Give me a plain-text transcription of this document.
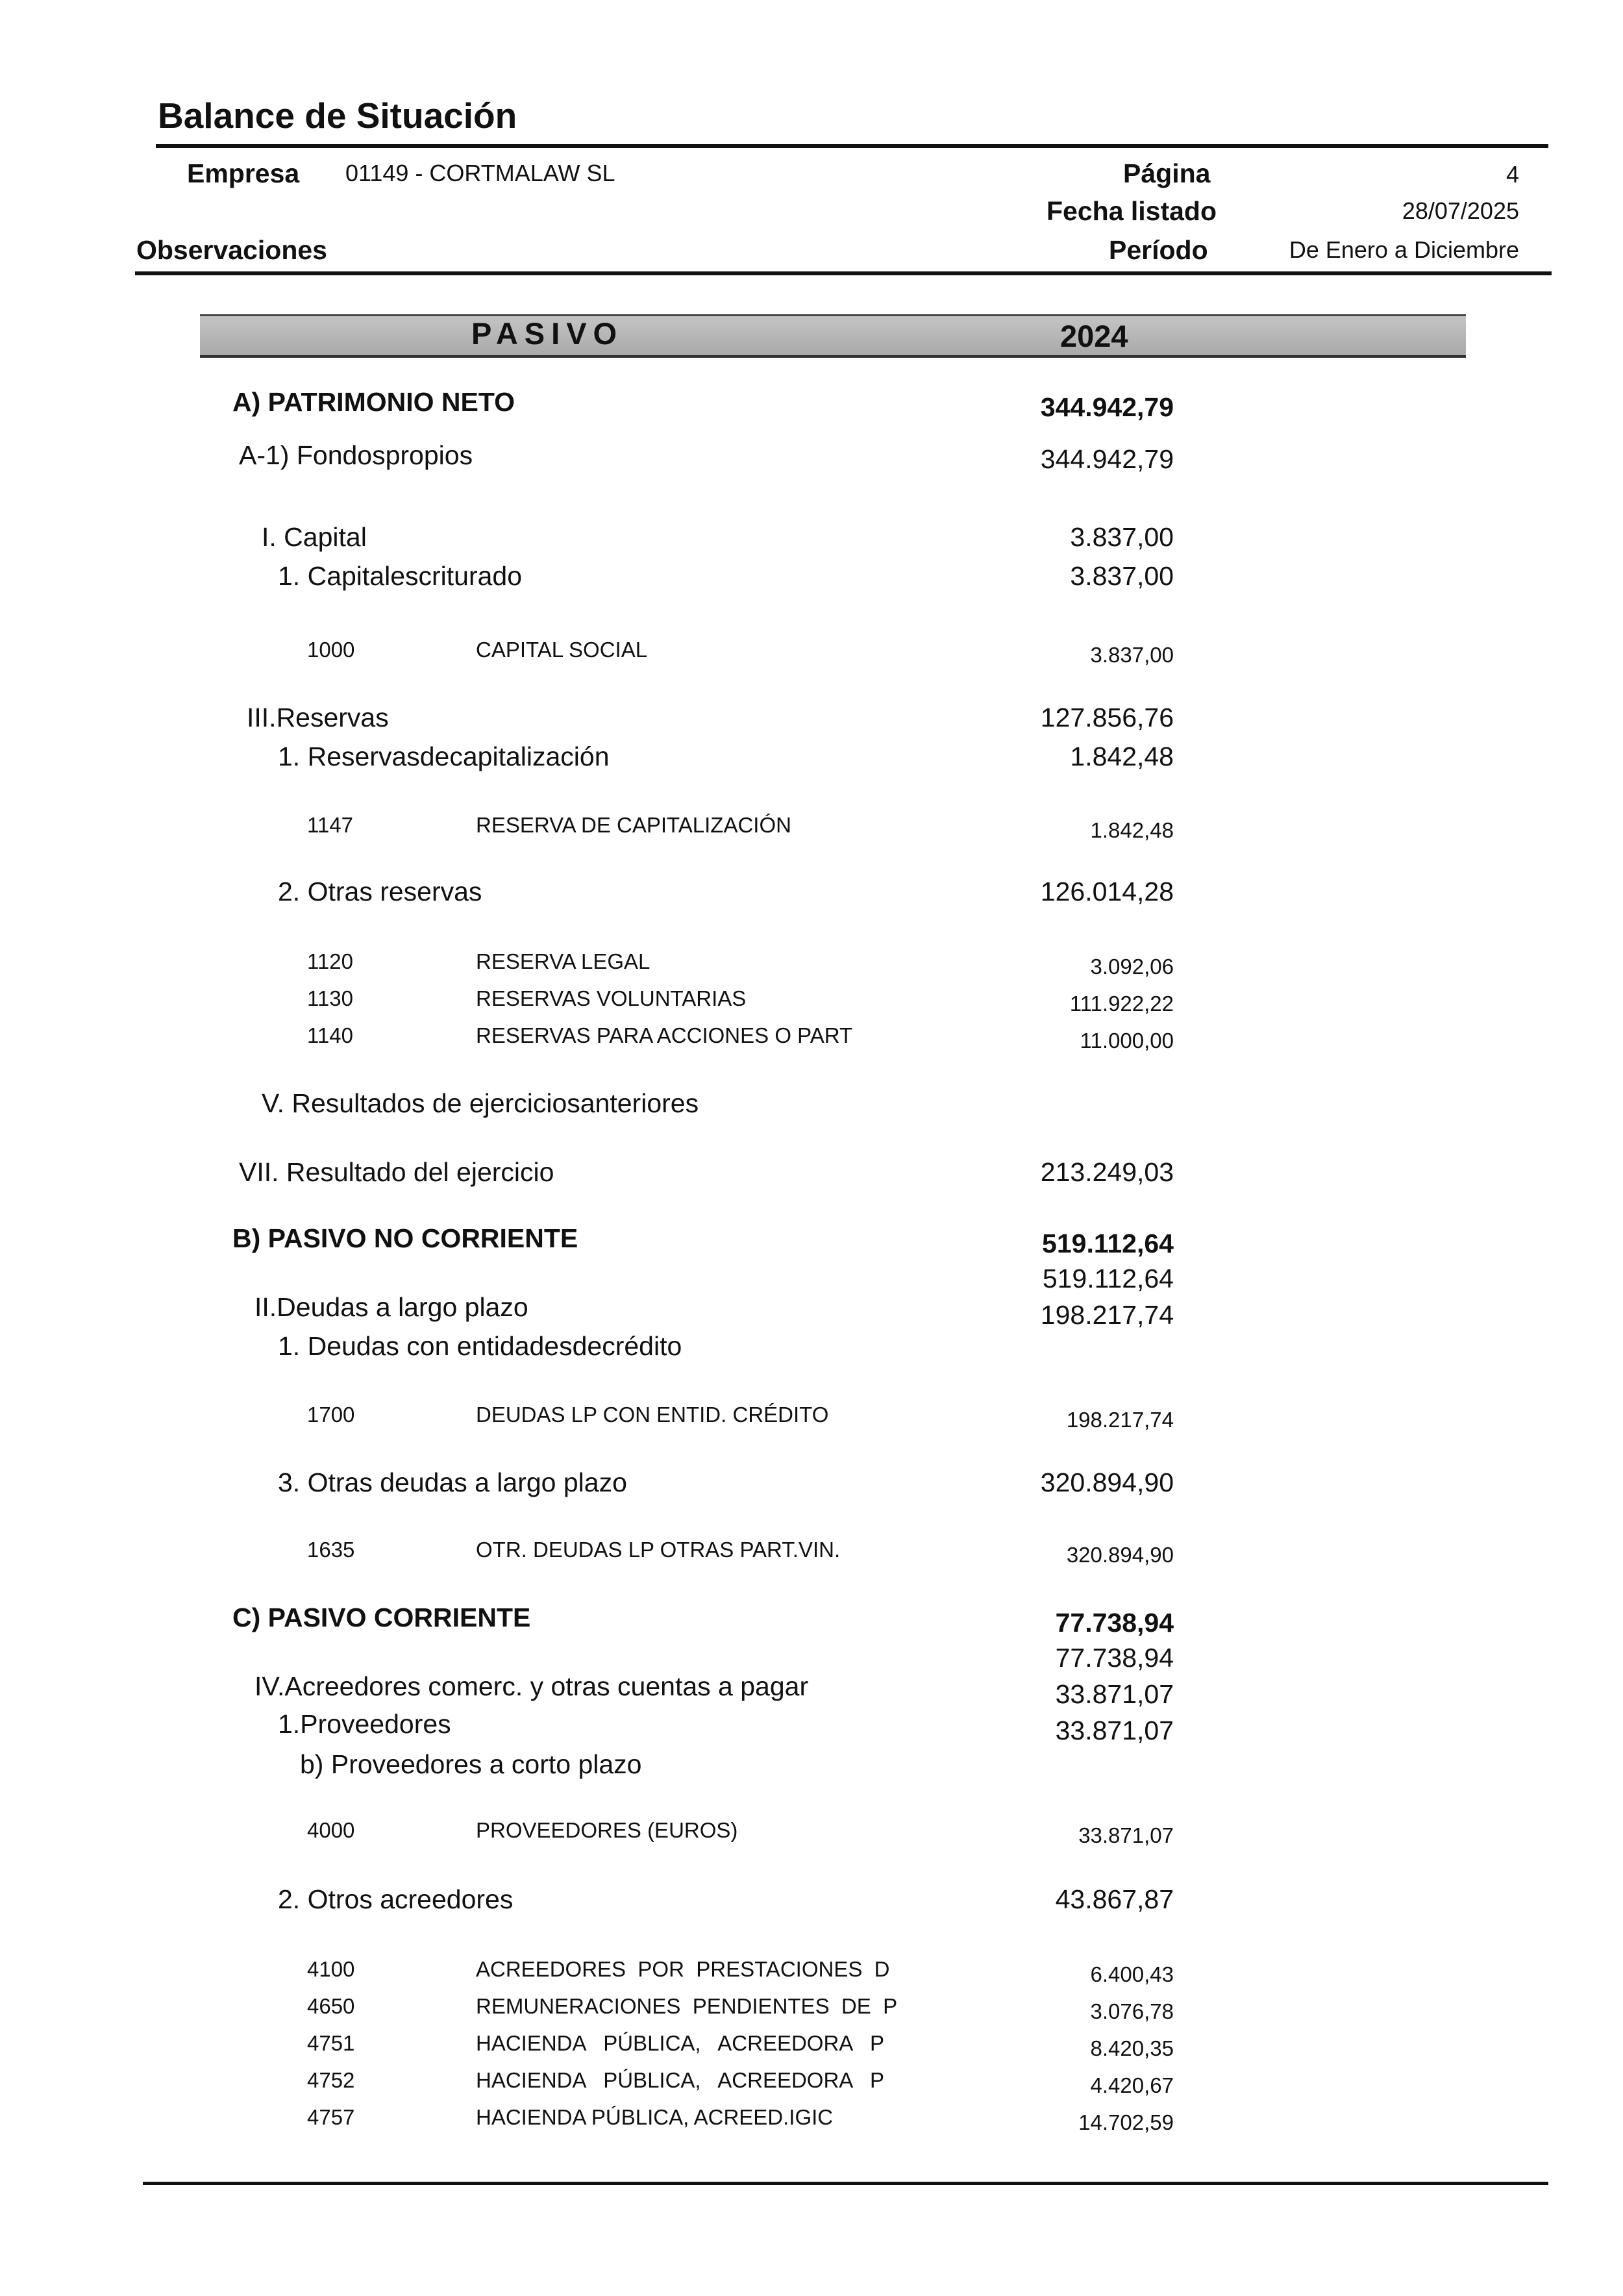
Balance de Situación
Empresa 01149 - CORTMALAW SL	Página	4
Fecha listado	28/07/2025
Observaciones	Período	De Enero a Diciembre
PASIVO	2024
A) PATRIMONIO NETO	344.942,79
A-1) Fondospropios	344.942,79
I. Capital	3.837,00
1. Capitalescriturado	3.837,00
1000	CAPITAL SOCIAL	3.837,00
III.Reservas	127.856,76
1. Reservasdecapitalización	1.842,48
1147	RESERVA DE CAPITALIZACIÓN	1.842,48
2. Otras reservas	126.014,28
1120	RESERVA LEGAL	3.092,06
1130	RESERVAS VOLUNTARIAS	111.922,22
1140	RESERVAS PARA ACCIONES O PART	11.000,00
V. Resultados de ejerciciosanteriores
VII. Resultado del ejercicio	213.249,03
B) PASIVO NO CORRIENTE	519.112,64
519.112,64
II.Deudas a largo plazo	198.217,74
1. Deudas con entidadesdecrédito
1700	DEUDAS LP CON ENTID. CRÉDITO	198.217,74
3. Otras deudas a largo plazo	320.894,90
1635	OTR. DEUDAS LP OTRAS PART.VIN.	320.894,90
C) PASIVO CORRIENTE	77.738,94
77.738,94
IV.Acreedores comerc. y otras cuentas a pagar	33.871,07
1.Proveedores	33.871,07
b) Proveedores a corto plazo
4000	PROVEEDORES (EUROS)	33.871,07
2. Otros acreedores	43.867,87
4100	ACREEDORES  POR  PRESTACIONES  D	6.400,43
4650	REMUNERACIONES  PENDIENTES  DE  P	3.076,78
4751	HACIENDA   PÚBLICA,   ACREEDORA   P	8.420,35
4752	HACIENDA   PÚBLICA,   ACREEDORA   P	4.420,67
4757	HACIENDA PÚBLICA, ACREED.IGIC	14.702,59
